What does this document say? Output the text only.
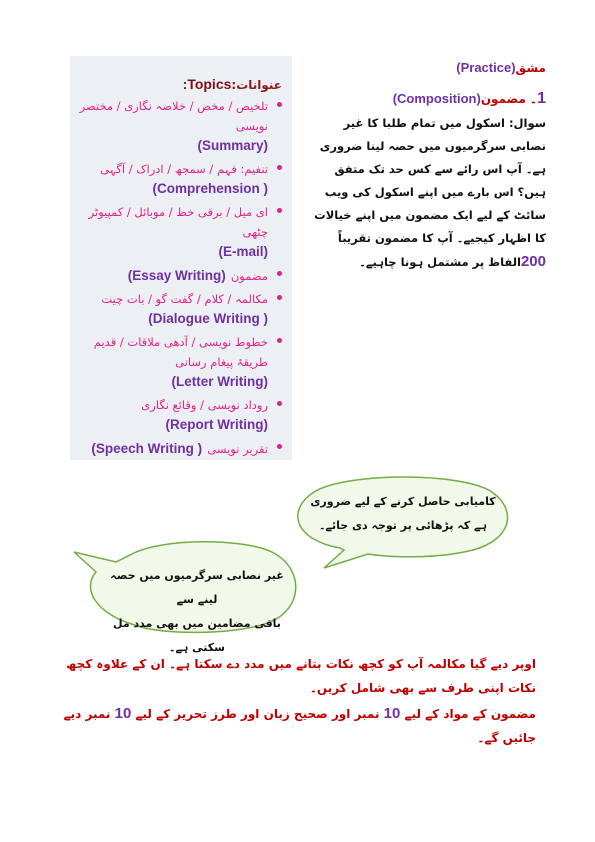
عنوانات:Topics:
تلخیص / مخص / خلاصہ نگاری / مختصر نویسی
(Summary)
تنفیم: فہم / سمجھ / ادراک / آگہی
( Comprehension)
ای میل / برقی خط / موبائل / کمپیوٹر چٹھی
(E-mail)
مضمون (Essay Writing)
مکالمہ / کلام / گفت گو / بات چیت
( Dialogue Writing)
خطوط نویسی / آدھی ملاقات / قدیم طریقۂ پیغام رسانی
(Letter Writing)
روداد نویسی / وقائع نگاری
(Report Writing)
تقریر نویسی ( Speech Writing)
مشق(Practice)
1۔ مضمون(Composition)
سوال: اسکول میں تمام طلبا کا غیر نصابی سرگرمیوں میں حصہ لینا ضروری ہے۔ آپ اس رائے سے کس حد تک متفق ہیں؟ اس بارے میں اپنے اسکول کی ویب سائٹ کے لیے ایک مضمون میں اپنے خیالات کا اظہار کیجیے۔ آپ کا مضمون تقریباً 200الفاظ پر مشتمل ہونا چاہیے۔
کامیابی حاصل کرنے کے لیے ضروری
ہے کہ پڑھائی پر توجہ دی جائے۔
غیر نصابی سرگرمیوں میں حصہ لینے سے
باقی مضامین میں بھی مدد مل سکتی ہے۔
اوپر دیے گیا مکالمہ آپ کو کچھ نکات بتانے میں مدد دے سکتا ہے۔ ان کے علاوہ کچھ نکات اپنی طرف سے بھی شامل کریں۔
مضمون کے مواد کے لیے 10 نمبر اور صحیح زبان اور طرز تحریر کے لیے 10 نمبر دیے جائیں گے۔
